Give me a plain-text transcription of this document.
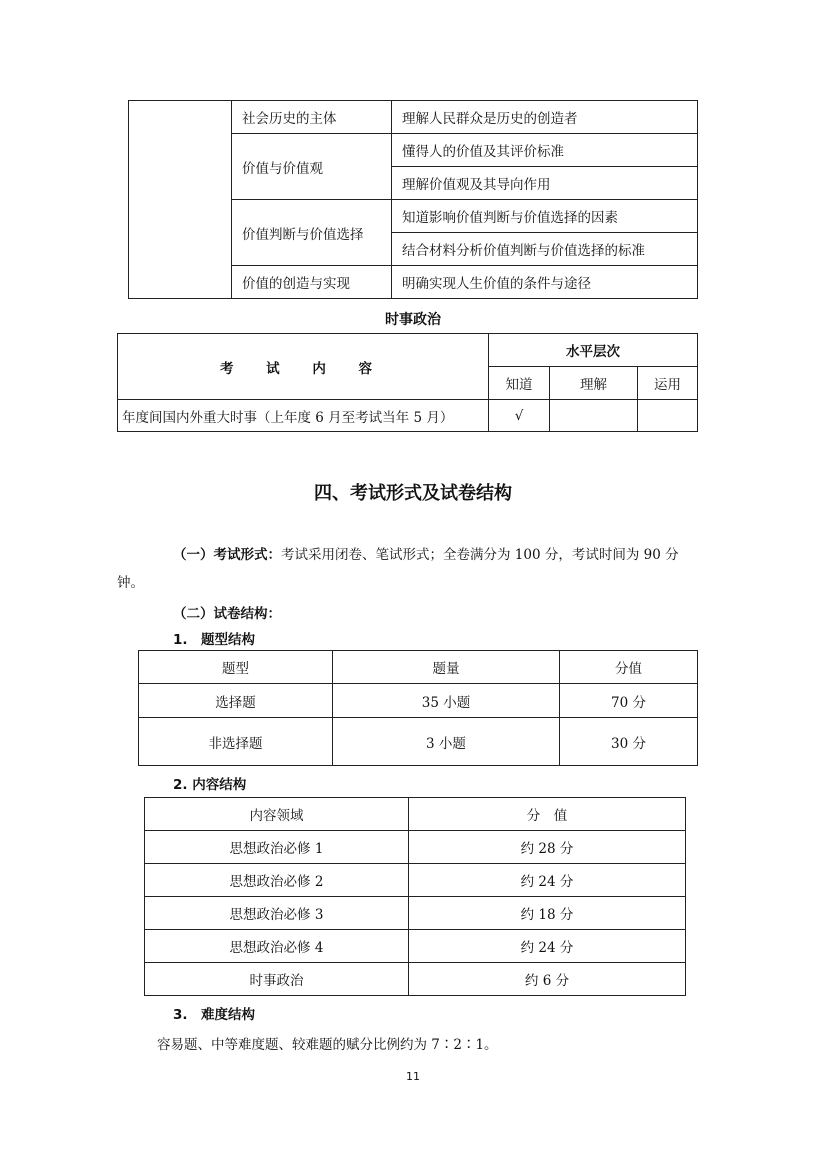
	社会历史的主体	理解人民群众是历史的创造者
	价值与价值观	懂得人的价值及其评价标准
		理解价值观及其导向作用
	价值判断与价值选择	知道影响价值判断与价值选择的因素
		结合材料分析价值判断与价值选择的标准
	价值的创造与实现	明确实现人生价值的条件与途径
时事政治
考 试 内 容	水平层次		
	知道	理解	运用
年度间国内外重大时事（上年度 6 月至考试当年 5 月）	√		
四、考试形式及试卷结构
（一）考试形式：考试采用闭卷、笔试形式；全卷满分为 100 分，考试时间为 90 分
钟。
（二）试卷结构：
1.　题型结构
题型	题量	分值
选择题	35 小题	70 分
非选择题	3 小题	30 分
2. 内容结构
内容领域	分　值
思想政治必修 1	约 28 分
思想政治必修 2	约 24 分
思想政治必修 3	约 18 分
思想政治必修 4	约 24 分
时事政治	约 6 分
3.　难度结构
容易题、中等难度题、较难题的赋分比例约为 7∶2∶1。
11
